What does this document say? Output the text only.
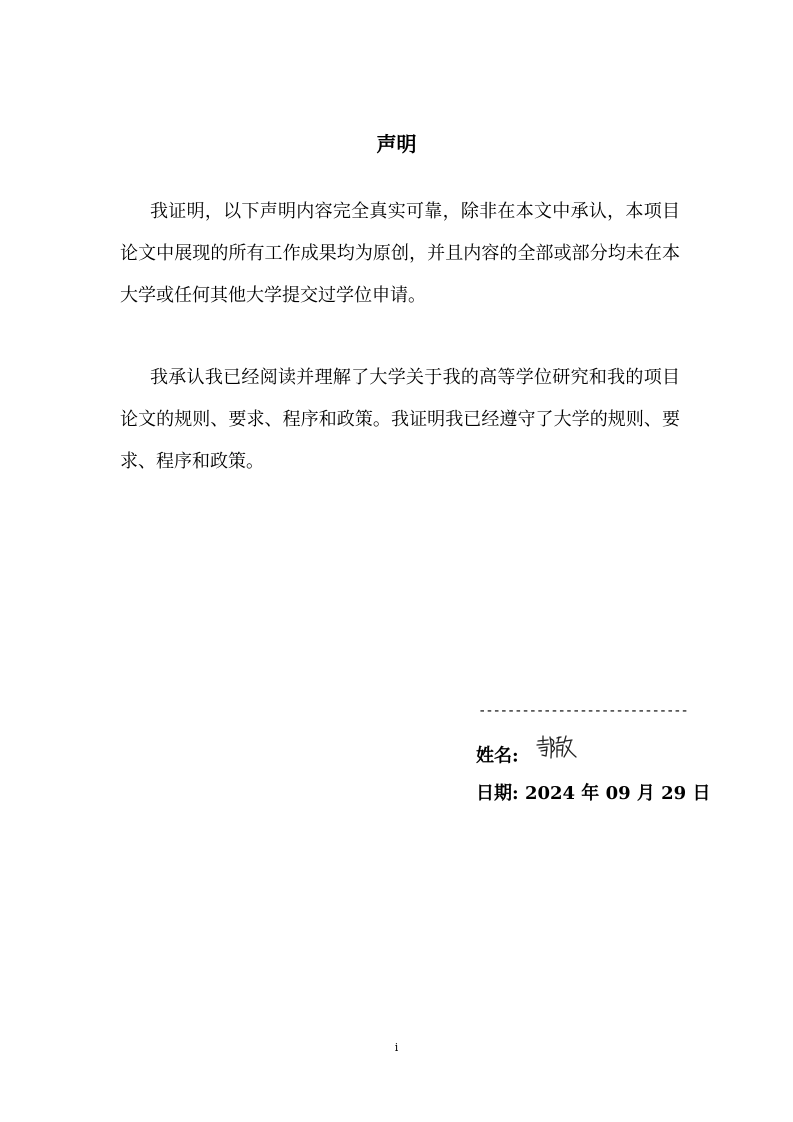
声明

我证明，以下声明内容完全真实可靠，除非在本文中承认，本项目论文中展现的所有工作成果均为原创，并且内容的全部或部分均未在本大学或任何其他大学提交过学位申请。

我承认我已经阅读并理解了大学关于我的高等学位研究和我的项目论文的规则、要求、程序和政策。我证明我已经遵守了大学的规则、要求、程序和政策。

-----------------------------
姓名:
日期: 2024 年 09 月 29 日
i
